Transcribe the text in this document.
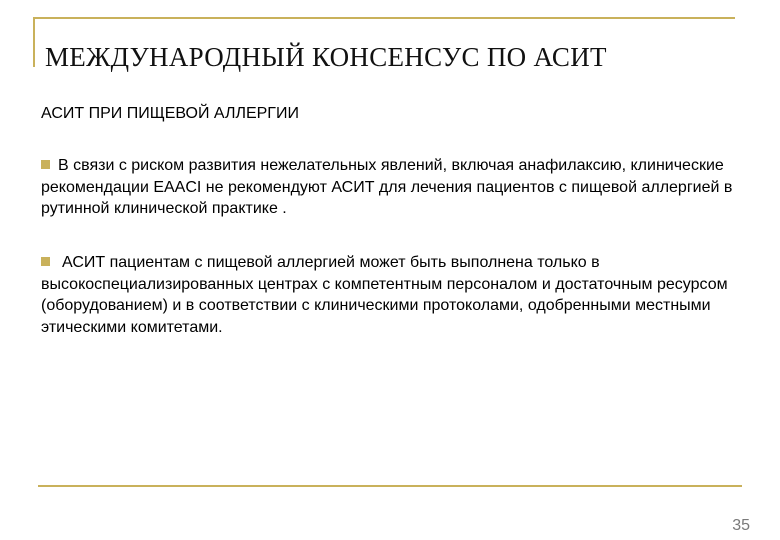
МЕЖДУНАРОДНЫЙ КОНСЕНСУС ПО АСИТ
АСИТ ПРИ ПИЩЕВОЙ АЛЛЕРГИИ

В связи с риском развития нежелательных явлений, включая анафилаксию, клинические рекомендации EAACI не рекомендуют АСИТ для лечения пациентов с пищевой аллергией в рутинной клинической практике .

АСИТ пациентам с пищевой аллергией может быть выполнена только в высокоспециализированных центрах с компетентным персоналом и достаточным ресурсом (оборудованием) и в соответствии с клиническими протоколами, одобренными местными этическими комитетами.

35
